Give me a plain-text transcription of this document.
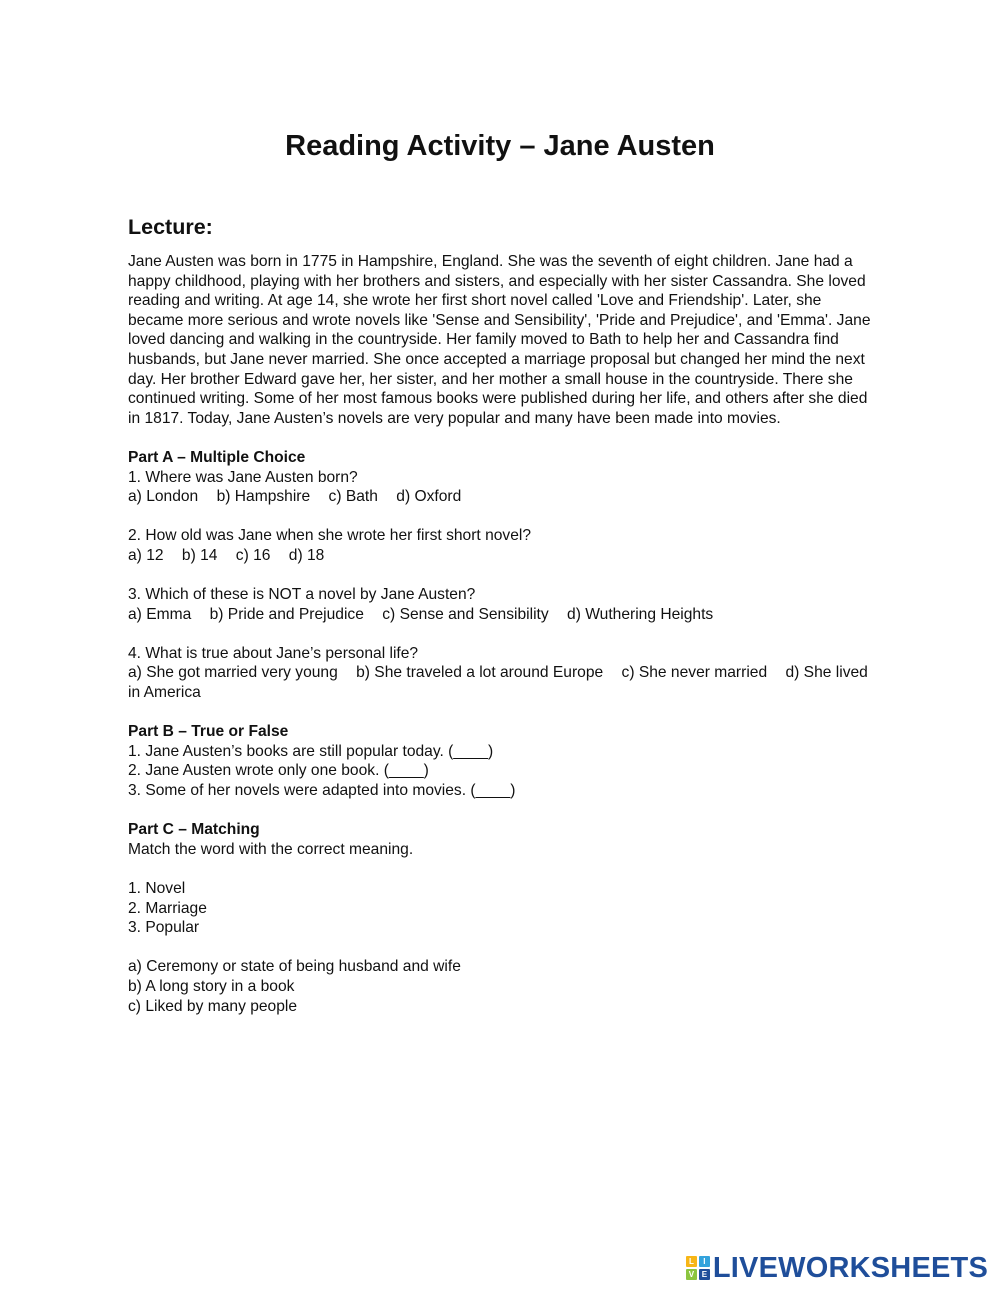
Reading Activity – Jane Austen
Lecture:

Jane Austen was born in 1775 in Hampshire, England. She was the seventh of eight children. Jane had a happy childhood, playing with her brothers and sisters, and especially with her sister Cassandra. She loved reading and writing. At age 14, she wrote her first short novel called 'Love and Friendship'. Later, she became more serious and wrote novels like 'Sense and Sensibility', 'Pride and Prejudice', and 'Emma'. Jane loved dancing and walking in the countryside. Her family moved to Bath to help her and Cassandra find husbands, but Jane never married. She once accepted a marriage proposal but changed her mind the next day. Her brother Edward gave her, her sister, and her mother a small house in the countryside. There she continued writing. Some of her most famous books were published during her life, and others after she died in 1817. Today, Jane Austen’s novels are very popular and many have been made into movies.

Part A – Multiple Choice
1. Where was Jane Austen born?
a) London b) Hampshire c) Bath d) Oxford
2. How old was Jane when she wrote her first short novel?
a) 12 b) 14 c) 16 d) 18
3. Which of these is NOT a novel by Jane Austen?
a) Emma b) Pride and Prejudice c) Sense and Sensibility d) Wuthering Heights
4. What is true about Jane’s personal life?
a) She got married very young b) She traveled a lot around Europe c) She never married d) She lived in America
Part B – True or False
1. Jane Austen’s books are still popular today. (____)
2. Jane Austen wrote only one book. (____)
3. Some of her novels were adapted into movies. (____)
Part C – Matching
Match the word with the correct meaning.
1. Novel
2. Marriage
3. Popular
a) Ceremony or state of being husband and wife
b) A long story in a book
c) Liked by many people
L	I
V E LIVEWORKSHEETS
